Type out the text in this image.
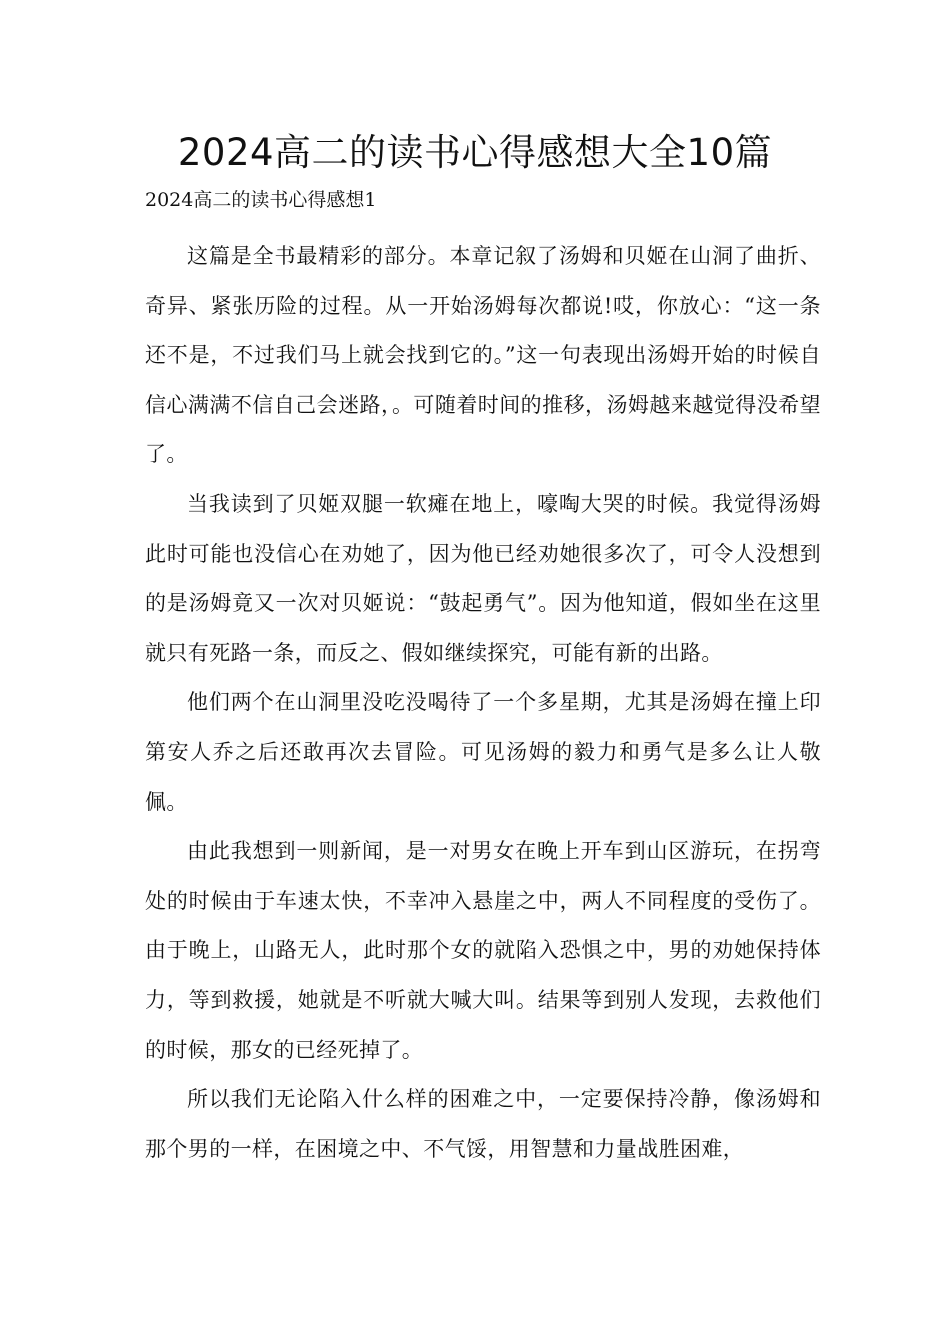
2024高二的读书心得感想大全10篇

2024高二的读书心得感想1

这篇是全书最精彩的部分。本章记叙了汤姆和贝姬在山洞了曲折、奇异、紧张历险的过程。从一开始汤姆每次都说!哎，你放心：“这一条还不是，不过我们马上就会找到它的。”这一句表现出汤姆开始的时候自信心满满不信自己会迷路，。可随着时间的推移，汤姆越来越觉得没希望了。

当我读到了贝姬双腿一软瘫在地上，嚎啕大哭的时候。我觉得汤姆此时可能也没信心在劝她了，因为他已经劝她很多次了，可令人没想到的是汤姆竟又一次对贝姬说：“鼓起勇气”。因为他知道，假如坐在这里就只有死路一条，而反之、假如继续探究，可能有新的出路。

他们两个在山洞里没吃没喝待了一个多星期，尤其是汤姆在撞上印第安人乔之后还敢再次去冒险。可见汤姆的毅力和勇气是多么让人敬佩。

由此我想到一则新闻，是一对男女在晚上开车到山区游玩，在拐弯处的时候由于车速太快，不幸冲入悬崖之中，两人不同程度的受伤了。由于晚上，山路无人，此时那个女的就陷入恐惧之中，男的劝她保持体力，等到救援，她就是不听就大喊大叫。结果等到别人发现，去救他们的时候，那女的已经死掉了。

所以我们无论陷入什么样的困难之中，一定要保持冷静，像汤姆和那个男的一样，在困境之中、不气馁，用智慧和力量战胜困难，
